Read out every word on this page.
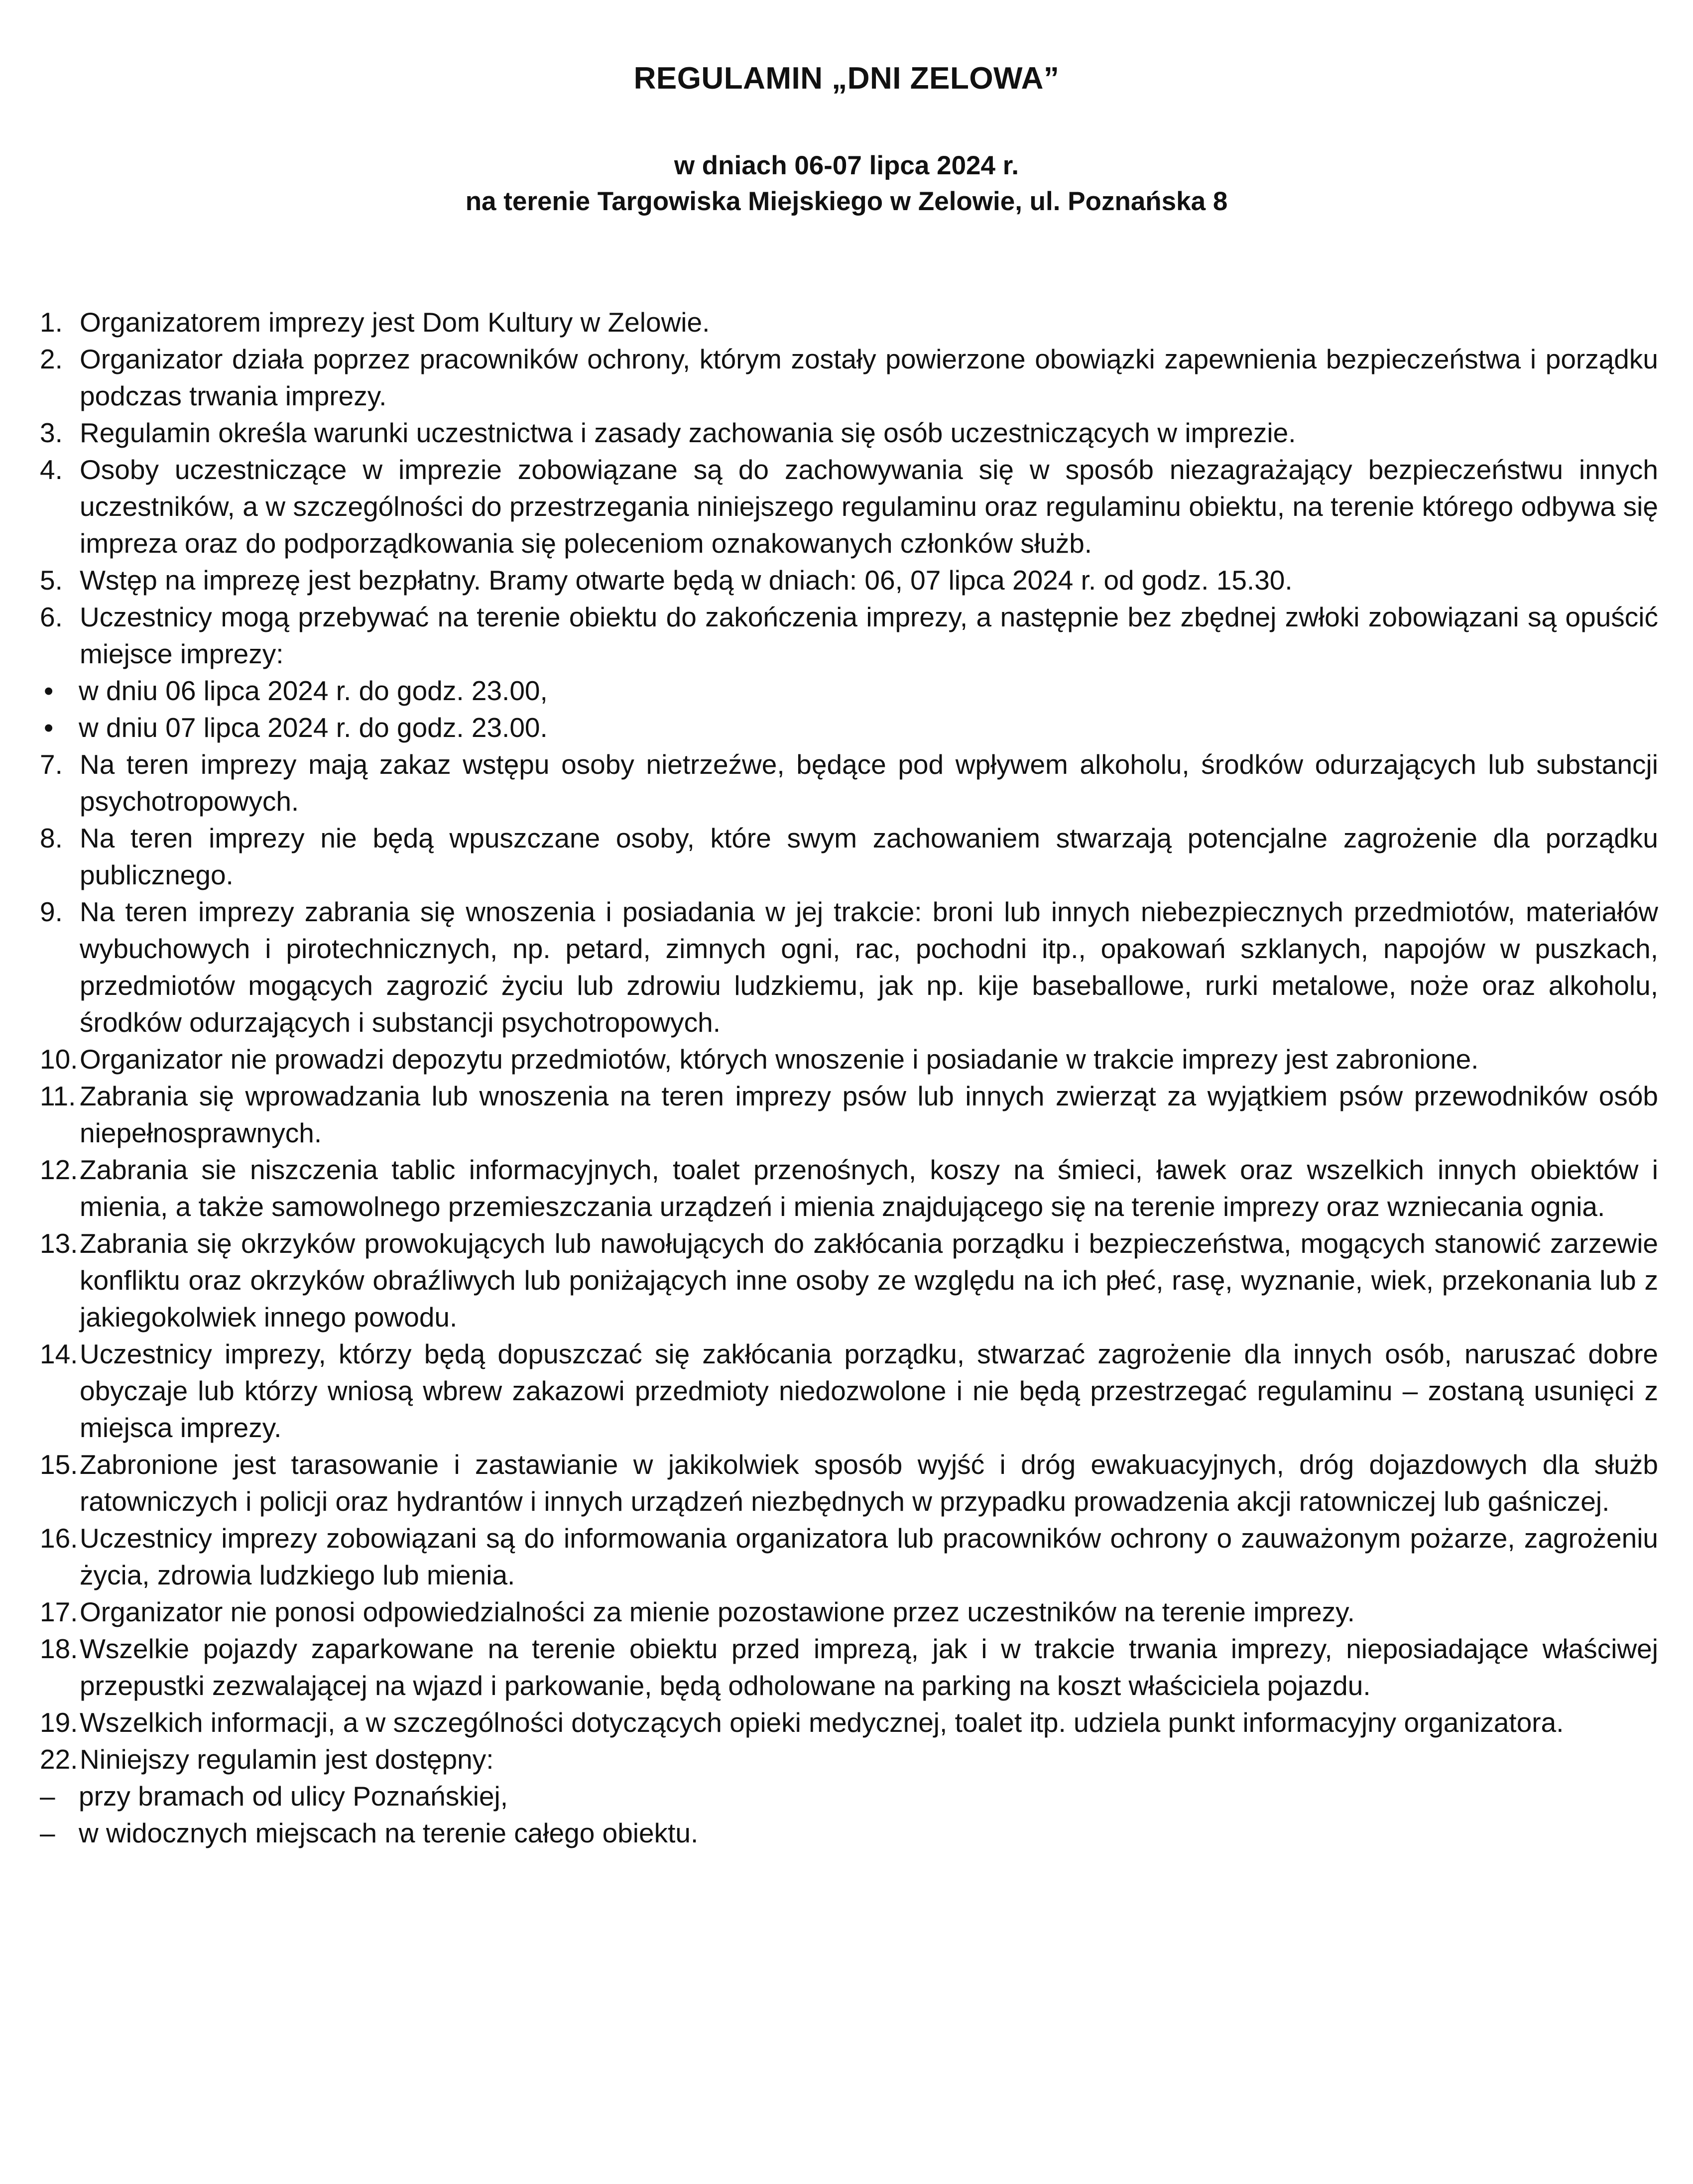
REGULAMIN „DNI ZELOWA”
w dniach 06-07 lipca 2024 r.
na terenie Targowiska Miejskiego w Zelowie, ul. Poznańska 8
1. Organizatorem imprezy jest Dom Kultury w Zelowie.
2. Organizator działa poprzez pracowników ochrony, którym zostały powierzone obowiązki zapewnienia bezpieczeństwa i porządku podczas trwania imprezy.
3. Regulamin określa warunki uczestnictwa i zasady zachowania się osób uczestniczących w imprezie.
4. Osoby uczestniczące w imprezie zobowiązane są do zachowywania się w sposób niezagrażający bezpieczeństwu innych uczestników, a w szczególności do przestrzegania niniejszego regulaminu oraz regulaminu obiektu, na terenie którego odbywa się impreza oraz do podporządkowania się poleceniom oznakowanych członków służb.
5. Wstęp na imprezę jest bezpłatny. Bramy otwarte będą w dniach: 06, 07 lipca 2024 r. od godz. 15.30.
6. Uczestnicy mogą przebywać na terenie obiektu do zakończenia imprezy, a następnie bez zbędnej zwłoki zobowiązani są opuścić miejsce imprezy:
• w dniu 06 lipca 2024 r. do godz. 23.00,
• w dniu 07 lipca 2024 r. do godz. 23.00.
7. Na teren imprezy mają zakaz wstępu osoby nietrzeźwe, będące pod wpływem alkoholu, środków odurzających lub substancji psychotropowych.
8. Na teren imprezy nie będą wpuszczane osoby, które swym zachowaniem stwarzają potencjalne zagrożenie dla porządku publicznego.
9. Na teren imprezy zabrania się wnoszenia i posiadania w jej trakcie: broni lub innych niebezpiecznych przedmiotów, materiałów wybuchowych i pirotechnicznych, np. petard, zimnych ogni, rac, pochodni itp., opakowań szklanych, napojów w puszkach, przedmiotów mogących zagrozić życiu lub zdrowiu ludzkiemu, jak np. kije baseballowe, rurki metalowe, noże oraz alkoholu, środków odurzających i substancji psychotropowych.
10. Organizator nie prowadzi depozytu przedmiotów, których wnoszenie i posiadanie w trakcie imprezy jest zabronione.
11. Zabrania się wprowadzania lub wnoszenia na teren imprezy psów lub innych zwierząt za wyjątkiem psów przewodników osób niepełnosprawnych.
12. Zabrania sie niszczenia tablic informacyjnych, toalet przenośnych, koszy na śmieci, ławek oraz wszelkich innych obiektów i mienia, a także samowolnego przemieszczania urządzeń i mienia znajdującego się na terenie imprezy oraz wzniecania ognia.
13. Zabrania się okrzyków prowokujących lub nawołujących do zakłócania porządku i bezpieczeństwa, mogących stanowić zarzewie konfliktu oraz okrzyków obraźliwych lub poniżających inne osoby ze względu na ich płeć, rasę, wyznanie, wiek, przekonania lub z jakiegokolwiek innego powodu.
14. Uczestnicy imprezy, którzy będą dopuszczać się zakłócania porządku, stwarzać zagrożenie dla innych osób, naruszać dobre obyczaje lub którzy wniosą wbrew zakazowi przedmioty niedozwolone i nie będą przestrzegać regulaminu – zostaną usunięci z miejsca imprezy.
15. Zabronione jest tarasowanie i zastawianie w jakikolwiek sposób wyjść i dróg ewakuacyjnych, dróg dojazdowych dla służb ratowniczych i policji oraz hydrantów i innych urządzeń niezbędnych w przypadku prowadzenia akcji ratowniczej lub gaśniczej.
16. Uczestnicy imprezy zobowiązani są do informowania organizatora lub pracowników ochrony o zauważonym pożarze, zagrożeniu życia, zdrowia ludzkiego lub mienia.
17. Organizator nie ponosi odpowiedzialności za mienie pozostawione przez uczestników na terenie imprezy.
18. Wszelkie pojazdy zaparkowane na terenie obiektu przed imprezą, jak i w trakcie trwania imprezy, nieposiadające właściwej przepustki zezwalającej na wjazd i parkowanie, będą odholowane na parking na koszt właściciela pojazdu.
19. Wszelkich informacji, a w szczególności dotyczących opieki medycznej, toalet itp. udziela punkt informacyjny organizatora.
22. Niniejszy regulamin jest dostępny:
– przy bramach od ulicy Poznańskiej,
– w widocznych miejscach na terenie całego obiektu.
